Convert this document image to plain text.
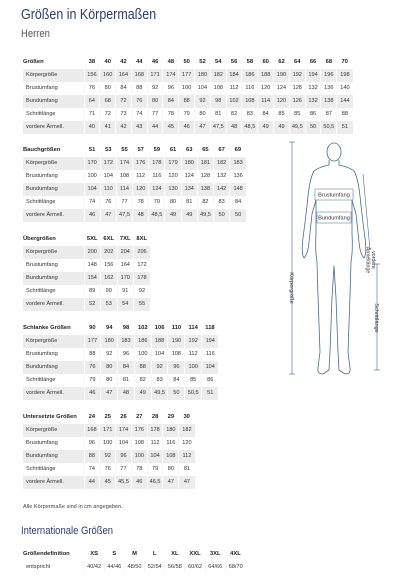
Größen in Körpermaßen
Herren
Größen	38	40	42	44	46	48	50	52	54	56	58	60	62	64	66	68	70
Körpergröße	156	160	164	168	171	174	177	180	182	184	186	188	190	192	194	196	198
Brustumfang	76	80	84	88	92	96	100	104	108	112	116	120	124	128	132	136	140
Bundumfang	64	68	72	76	80	84	88	92	98	102	108	114	120	126	132	138	144
Schrittlänge	71	72	73	74	77	78	79	80	81	82	83	84	85	85	86	87	88
vordere Ärmell.	40	41	42	43	44	45	46	47	47,5	48	48,5	49	49	49,5	50	50,5	51
Bauchgrößen	51	53	55	57	59	61	63	65	67	69
Körpergröße	170	172	174	176	178	179	180	181	182	183
Brustumfang	100	104	108	112	116	120	124	128	132	136
Bundumfang	104	110	114	120	124	130	134	138	142	148
Schrittlänge	74	76	77	78	79	80	81	82	83	84
vordere Ärmell.	46	47	47,5	48	48,5	49	49	49,5	50	50
Übergrößen	5XL	6XL	7XL	8XL
Körpergröße	200	202	204	206
Brustumfang	148	156	164	172
Bundumfang	154	162	170	178
Schrittlänge	89	90	91	92
vordere Ärmell.	52	53	54	55
Schlanke Größen	90	94	98	102	106	110	114	118
Körpergröße	177	180	183	186	188	190	192	194
Brustumfang	88	92	96	100	104	108	112	116
Bundumfang	76	80	84	88	92	96	100	104
Schrittlänge	79	80	81	82	83	84	85	86
vordere Ärmell.	46	47	48	49	49,5	50	50,5	51
Untersetzte Größen	24	25	26	27	28	29	30
Körpergröße	168	171	174	176	178	180	182
Brustumfang	96	100	104	108	112	116	120
Bundumfang	88	92	96	100	104	108	112
Schrittlänge	74	76	77	78	79	80	81
vordere Ärmell.	44	45	45,5	46	46,5	47	47
Größendefinition	XS	S	M	L	XL	XXL	3XL	4XL
entspricht	40/42	44/46	48/50	52/54	56/58	60/62	64/66	68/70
Alle Körpermaße sind in cm angegeben.
Internationale Größen
Brustumfang
Bundumfang
Körpergröße
vordere
Ärmellänge
Schrittlänge
